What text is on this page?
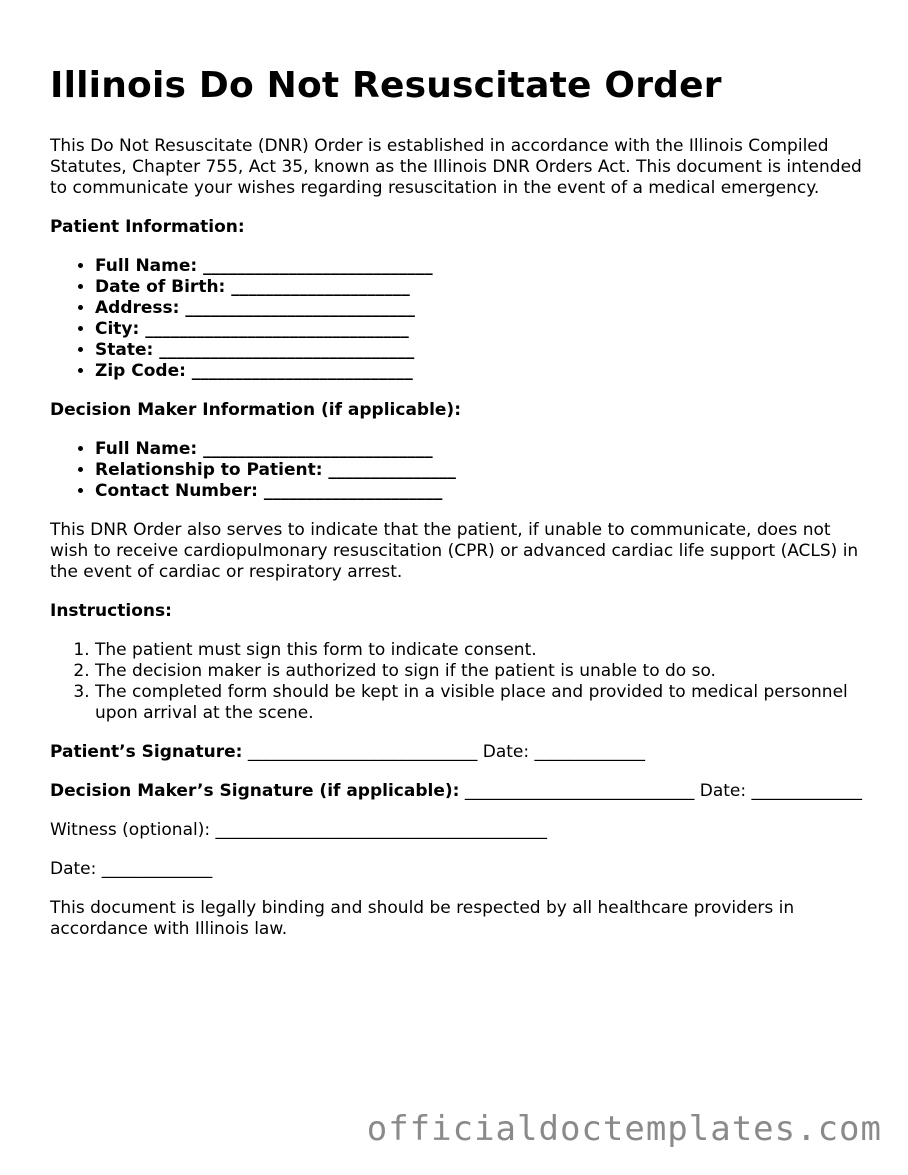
Illinois Do Not Resuscitate Order

This Do Not Resuscitate (DNR) Order is established in accordance with the Illinois Compiled Statutes, Chapter 755, Act 35, known as the Illinois DNR Orders Act. This document is intended to communicate your wishes regarding resuscitation in the event of a medical emergency.

Patient Information:
• Full Name: ___________________________
• Date of Birth: _____________________
• Address: ___________________________
• City: _______________________________
• State: ______________________________
• Zip Code: __________________________
Decision Maker Information (if applicable):
• Full Name: ___________________________
• Relationship to Patient: _______________
• Contact Number: _____________________

This DNR Order also serves to indicate that the patient, if unable to communicate, does not wish to receive cardiopulmonary resuscitation (CPR) or advanced cardiac life support (ACLS) in the event of cardiac or respiratory arrest.

Instructions:
1. The patient must sign this form to indicate consent.
2. The decision maker is authorized to sign if the patient is unable to do so.
3. The completed form should be kept in a visible place and provided to medical personnel upon arrival at the scene.
Patient’s Signature: ___________________________ Date: _____________
Decision Maker’s Signature (if applicable): ___________________________ Date: _____________
Witness (optional): _______________________________________
Date: _____________

This document is legally binding and should be respected by all healthcare providers in accordance with Illinois law.

officialdoctemplates.com
